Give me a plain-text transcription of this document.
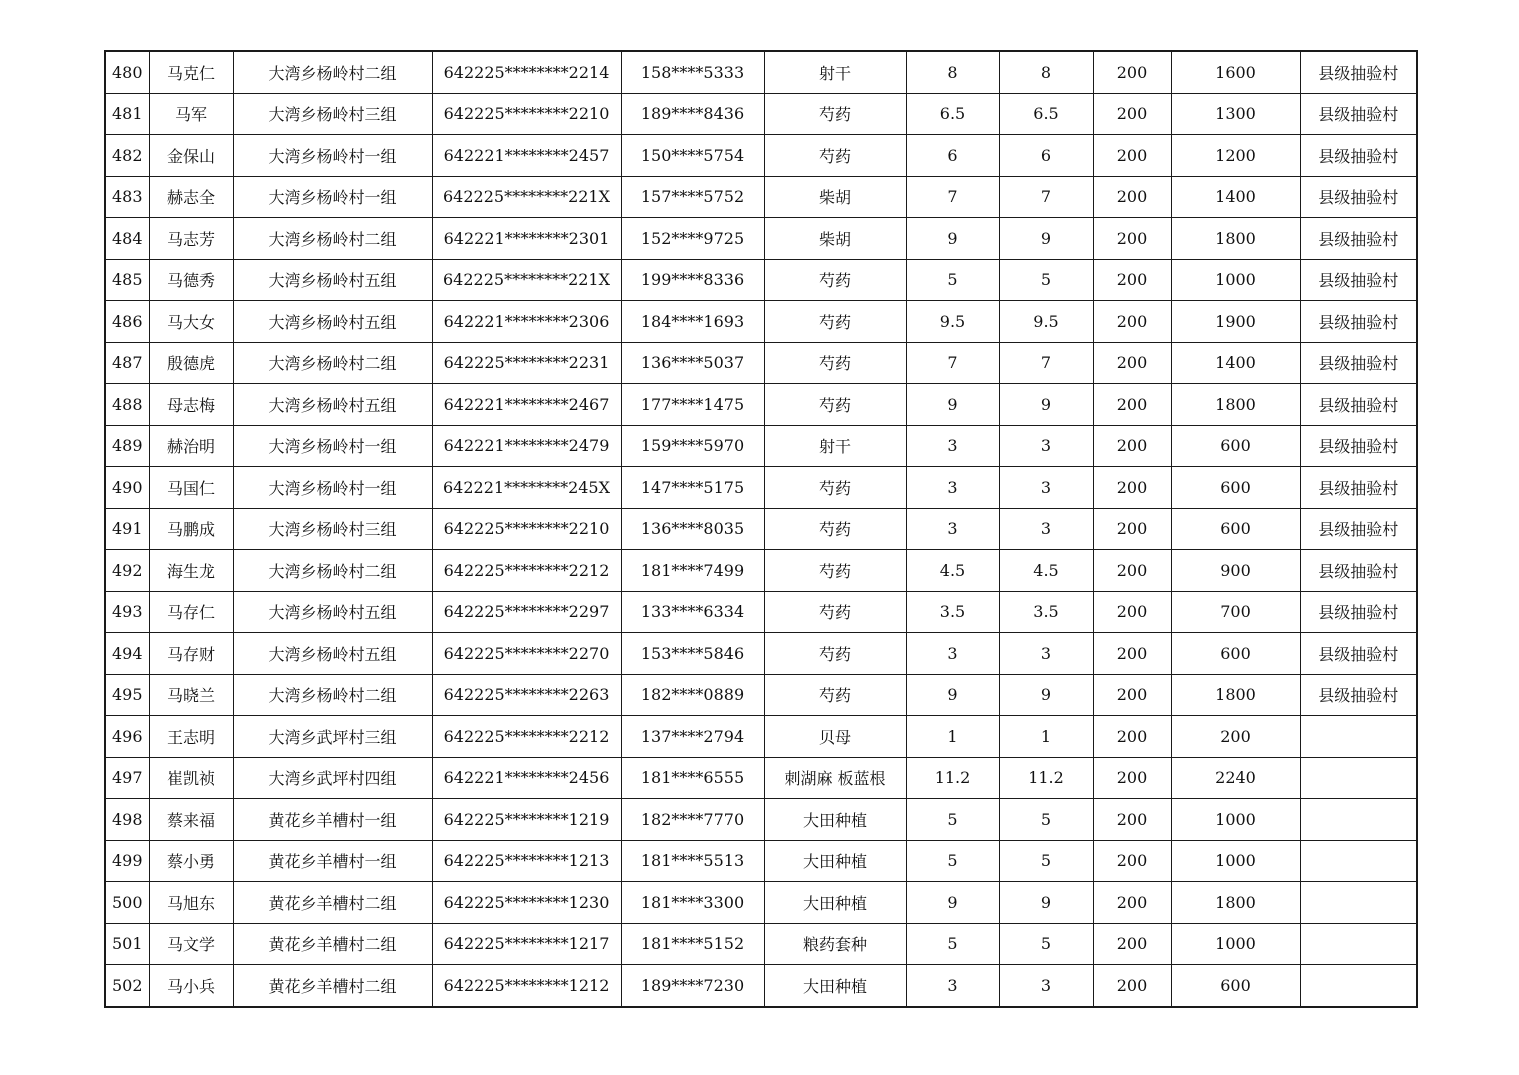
480	马克仁	大湾乡杨岭村二组	642225********2214	158****5333	射干	8	8	200	1600	县级抽验村
481	马军	大湾乡杨岭村三组	642225********2210	189****8436	芍药	6.5	6.5	200	1300	县级抽验村
482	金保山	大湾乡杨岭村一组	642221********2457	150****5754	芍药	6	6	200	1200	县级抽验村
483	赫志全	大湾乡杨岭村一组	642225********221X	157****5752	柴胡	7	7	200	1400	县级抽验村
484	马志芳	大湾乡杨岭村二组	642221********2301	152****9725	柴胡	9	9	200	1800	县级抽验村
485	马德秀	大湾乡杨岭村五组	642225********221X	199****8336	芍药	5	5	200	1000	县级抽验村
486	马大女	大湾乡杨岭村五组	642221********2306	184****1693	芍药	9.5	9.5	200	1900	县级抽验村
487	殷德虎	大湾乡杨岭村二组	642225********2231	136****5037	芍药	7	7	200	1400	县级抽验村
488	母志梅	大湾乡杨岭村五组	642221********2467	177****1475	芍药	9	9	200	1800	县级抽验村
489	赫治明	大湾乡杨岭村一组	642221********2479	159****5970	射干	3	3	200	600	县级抽验村
490	马国仁	大湾乡杨岭村一组	642221********245X	147****5175	芍药	3	3	200	600	县级抽验村
491	马鹏成	大湾乡杨岭村三组	642225********2210	136****8035	芍药	3	3	200	600	县级抽验村
492	海生龙	大湾乡杨岭村二组	642225********2212	181****7499	芍药	4.5	4.5	200	900	县级抽验村
493	马存仁	大湾乡杨岭村五组	642225********2297	133****6334	芍药	3.5	3.5	200	700	县级抽验村
494	马存财	大湾乡杨岭村五组	642225********2270	153****5846	芍药	3	3	200	600	县级抽验村
495	马晓兰	大湾乡杨岭村二组	642225********2263	182****0889	芍药	9	9	200	1800	县级抽验村
496	王志明	大湾乡武坪村三组	642225********2212	137****2794	贝母	1	1	200	200	
497	崔凯祯	大湾乡武坪村四组	642221********2456	181****6555	刺湖麻 板蓝根	11.2	11.2	200	2240	
498	蔡来福	黄花乡羊槽村一组	642225********1219	182****7770	大田种植	5	5	200	1000	
499	蔡小勇	黄花乡羊槽村一组	642225********1213	181****5513	大田种植	5	5	200	1000	
500	马旭东	黄花乡羊槽村二组	642225********1230	181****3300	大田种植	9	9	200	1800	
501	马文学	黄花乡羊槽村二组	642225********1217	181****5152	粮药套种	5	5	200	1000	
502	马小兵	黄花乡羊槽村二组	642225********1212	189****7230	大田种植	3	3	200	600	
